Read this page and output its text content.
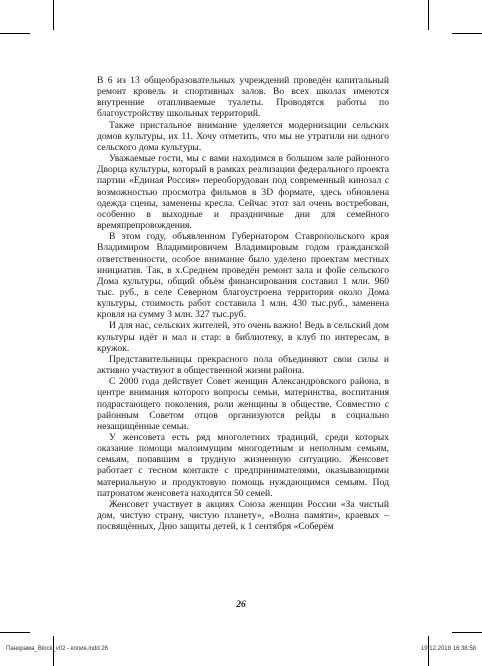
В 6 из 13 общеобразовательных учреждений проведён капитальный ремонт кровель и спортивных залов. Во всех школах имеются внутренние отапливаемые туалеты. Проводятся работы по благоустройству школьных территорий.

Также пристальное внимание уделяется модернизации сельских домов культуры, их 11. Хочу отметить, что мы не утратили ни одного сельского дома культуры.

Уважаемые гости, мы с вами находимся в большом зале районного Дворца культуры, который в рамках реализации федерального проекта партии «Единая Россия» переоборудован под современный кинозал с возможностью просмотра фильмов в 3D формате, здесь обновлена одежда сцены, заменены кресла. Сейчас этот зал очень востребован, особенно в выходные и праздничные дни для семейного времяпрепровождения.

В этом году, объявленном Губернатором Ставропольского края Владимиром Владимировичем Владимировым годом гражданской ответственности, особое внимание было уделено проектам местных инициатив. Так, в х.Среднем проведён ремонт зала и фойе сельского Дома культуры, общий объём финансирования составил 1 млн. 960 тыс. руб., в селе Северном благоустроена территория около Дома культуры, стоимость работ составила 1 млн. 430 тыс.руб., заменена кровля на сумму 3 млн. 327 тыс.руб.

И для нас, сельских жителей, это очень важно! Ведь в сельский дом культуры идёт и мал и стар: в библиотеку, в клуб по интересам, в кружок.

Представительницы прекрасного пола объединяют свои силы и активно участвуют в общественной жизни района.

С 2000 года действует Совет женщин Александровского района, в центре внимания которого вопросы семьи, материнства, воспитания подрастающего поколения, роли женщины в обществе. Совместно с районным Советом отцов организуются рейды в социально незащищённые семьи.

У женсовета есть ряд многолетних традиций, среди которых оказание помощи малоимущим многодетным и неполным семьям, семьям, попавшим в трудную жизненную ситуацию. Женсовет работает с тесном контакте с предпринимателями, оказывающими материальную и продуктовую помощь нуждающимся семьям. Под патронатом женсовета находятся 50 семей.

Женсовет участвует в акциях Союза женщин России «За чистый дом, чистую страну, чистую планету», «Волна памяти», краевых – посвящённых, Дню защиты детей, к 1 сентября «Соберём

26
Панорама_Block_v02 - копия.indd 26	19.12.2018 16:38:58
